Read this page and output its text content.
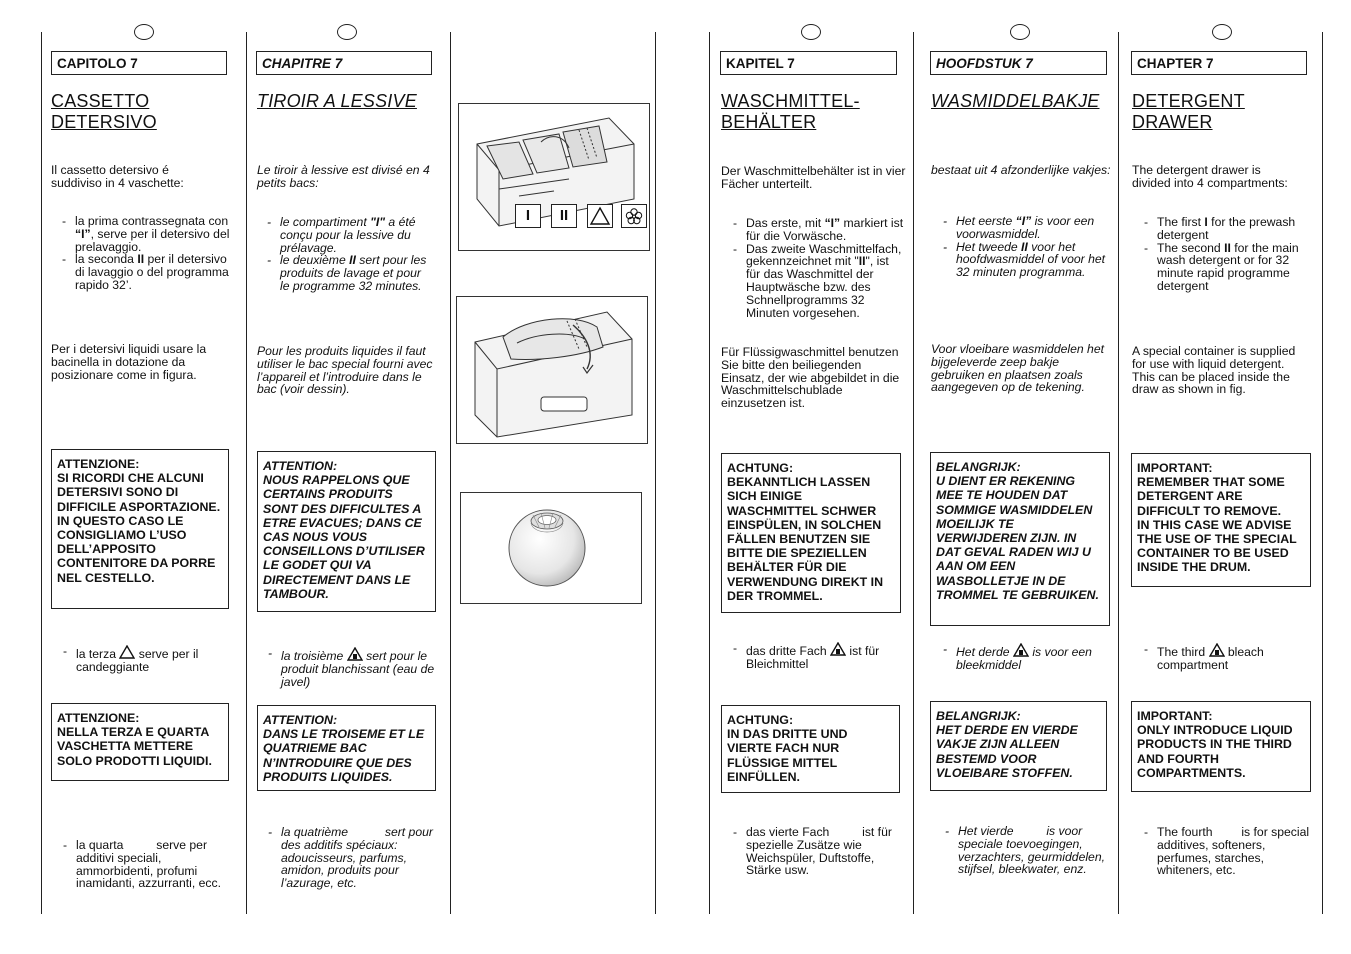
CAPITOLO 7
CASSETTO
DETERSIVO
Il cassetto detersivo é suddiviso in 4 vaschette:
- la prima contrassegnata con “I”, serve per il detersivo del prelavaggio.
- la seconda II per il detersivo di lavaggio o del programma rapido 32’.
Per i detersivi liquidi usare la bacinella in dotazione da posizionare come in figura.
ATTENZIONE:
SI RICORDI CHE ALCUNI DETERSIVI SONO DI DIFFICILE ASPORTAZIONE.
IN QUESTO CASO LE CONSIGLIAMO L’USO DELL’APPOSITO CONTENITORE DA PORRE NEL CESTELLO.
- la terza serve per il candeggiante
ATTENZIONE:
NELLA TERZA E QUARTA VASCHETTA METTERE SOLO PRODOTTI LIQUIDI.
- la quarta	serve per additivi speciali, ammorbidenti, profumi inamidanti, azzurranti, ecc.
CHAPITRE 7
TIROIR A LESSIVE
Le tiroir à lessive est divisé en 4 petits bacs:
- le compartiment "I" a été conçu pour la lessive du prélavage.
- le deuxième II sert pour les produits de lavage et pour le programme 32 minutes.
Pour les produits liquides il faut utiliser le bac special fourni avec l’appareil et l’introduire dans le bac (voir dessin).
ATTENTION:
NOUS RAPPELONS QUE CERTAINS PRODUITS SONT DES DIFFICULTES A ETRE EVACUES; DANS CE CAS NOUS VOUS CONSEILLONS D’UTILISER LE GODET QUI VA DIRECTEMENT DANS LE TAMBOUR.
- la troisième sert pour le produit blanchissant (eau de javel)
ATTENTION:
DANS LE TROISEME ET LE QUATRIEME BAC N’INTRODUIRE QUE DES PRODUITS LIQUIDES.
- la quatrième	sert pour des additifs spéciaux: adoucisseurs, parfums, amidon, produits pour l’azurage, etc.
I	II
KAPITEL 7
WASCHMITTEL-
BEHÄLTER
Der Waschmittelbehälter ist in vier Fächer unterteilt.
- Das erste, mit “I” markiert ist für die Vorwäsche.
- Das zweite Waschmittelfach, gekennzeichnet mit "II", ist für das Waschmittel der Hauptwäsche bzw. des Schnellprogramms 32 Minuten vorgesehen.
Für Flüssigwaschmittel benutzen Sie bitte den beiliegenden Einsatz, der wie abgebildet in die Waschmittelschublade einzusetzen ist.
ACHTUNG:
BEKANNTLICH LASSEN SICH EINIGE WASCHMITTEL SCHWER EINSPÜLEN, IN SOLCHEN FÄLLEN BENUTZEN SIE BITTE DIE SPEZIELLEN BEHÄLTER FÜR DIE VERWENDUNG DIREKT IN DER TROMMEL.
- das dritte Fach ist für Bleichmittel
ACHTUNG:
IN DAS DRITTE UND VIERTE FACH NUR FLÜSSIGE MITTEL EINFÜLLEN.
- das vierte Fach	ist für spezielle Zusätze wie Weichspüler, Duftstoffe, Stärke usw.
HOOFDSTUK 7
WASMIDDELBAKJE
bestaat uit 4 afzonderlijke vakjes:
- Het eerste “I” is voor een voorwasmiddel.
- Het tweede II voor het hoofdwasmiddel of voor het 32 minuten programma.
Voor vloeibare wasmiddelen het bijgeleverde zeep bakje gebruiken en plaatsen zoals aangegeven op de tekening.
BELANGRIJK:
U DIENT ER REKENING MEE TE HOUDEN DAT SOMMIGE WASMIDDELEN MOEILIJK TE VERWIJDEREN ZIJN. IN DAT GEVAL RADEN WIJ U AAN OM EEN WASBOLLETJE IN DE TROMMEL TE GEBRUIKEN.
- Het derde is voor een bleekmiddel
BELANGRIJK:
HET DERDE EN VIERDE VAKJE ZIJN ALLEEN BESTEMD VOOR VLOEIBARE STOFFEN.
- Het vierde	is voor speciale toevoegingen, verzachters, geurmiddelen, stijfsel, bleekwater, enz.
CHAPTER 7
DETERGENT
DRAWER
The detergent drawer is divided into 4 compartments:
- The first I for the prewash detergent
- The second II for the main wash detergent or for 32 minute rapid programme detergent
A special container is supplied for use with liquid detergent. This can be placed inside the draw as shown in fig.
IMPORTANT:
REMEMBER THAT SOME DETERGENT ARE DIFFICULT TO REMOVE.
IN THIS CASE WE ADVISE THE USE OF THE SPECIAL CONTAINER TO BE USED INSIDE THE DRUM.
- The third bleach compartment
IMPORTANT:
ONLY INTRODUCE LIQUID PRODUCTS IN THE THIRD AND FOURTH COMPARTMENTS.
- The fourth is for special additives, softeners, perfumes, starches, whiteners, etc.
